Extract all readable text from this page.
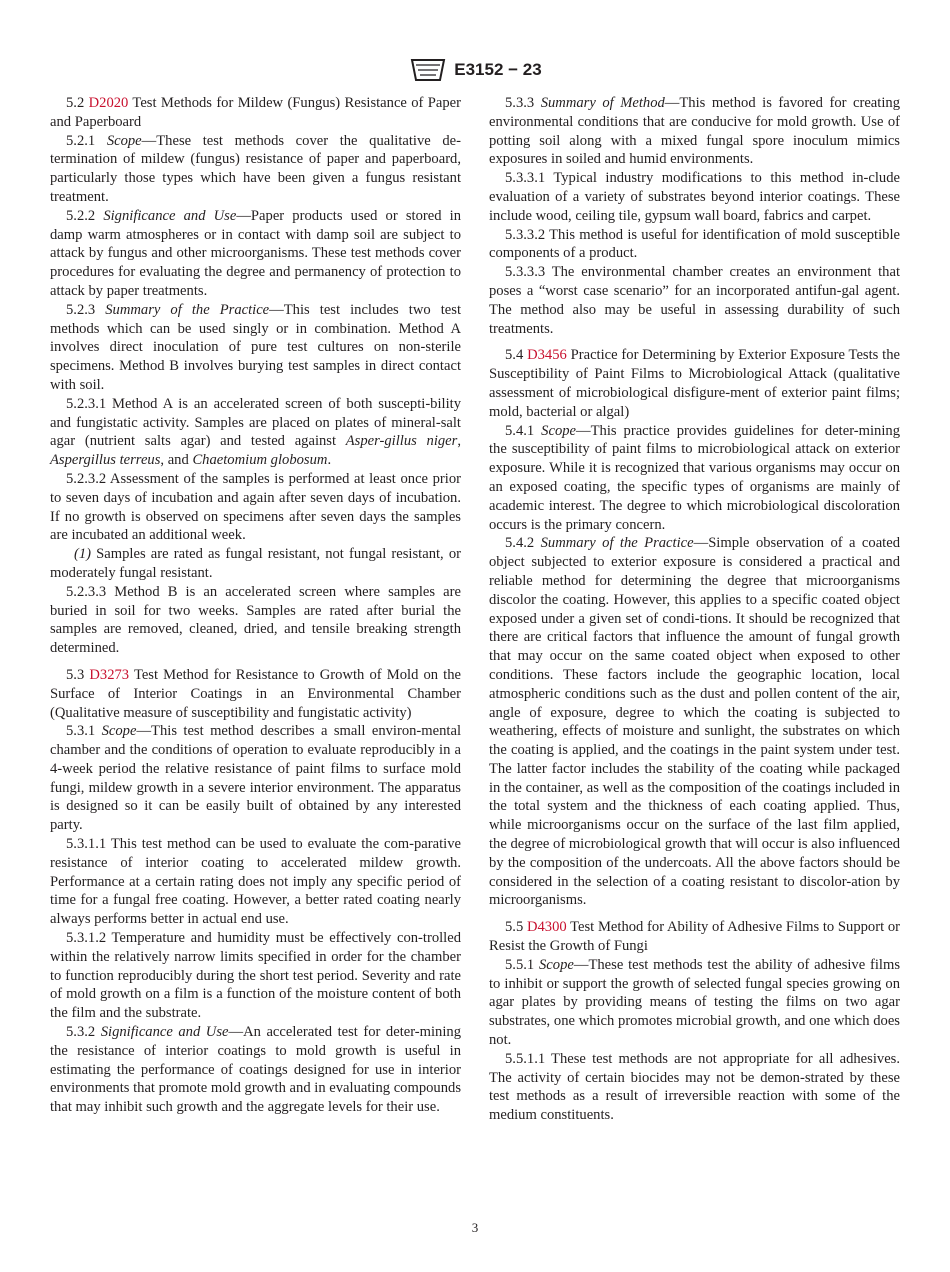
E3152 − 23

5.2 D2020 Test Methods for Mildew (Fungus) Resistance of Paper and Paperboard

5.2.1 Scope—These test methods cover the qualitative de-termination of mildew (fungus) resistance of paper and paperboard, particularly those types which have been given a fungus resistant treatment.

5.2.2 Significance and Use—Paper products used or stored in damp warm atmospheres or in contact with damp soil are subject to attack by fungus and other microorganisms. These test methods cover procedures for evaluating the degree and permanency of protection to attack by paper treatments.

5.2.3 Summary of the Practice—This test includes two test methods which can be used singly or in combination. Method A involves direct inoculation of pure test cultures on non-sterile specimens. Method B involves burying test samples in direct contact with soil.

5.2.3.1 Method A is an accelerated screen of both suscepti-bility and fungistatic activity. Samples are placed on plates of mineral-salt agar (nutrient salts agar) and tested against Asper-gillus niger, Aspergillus terreus, and Chaetomium globosum.

5.2.3.2 Assessment of the samples is performed at least once prior to seven days of incubation and again after seven days of incubation. If no growth is observed on specimens after seven days the samples are incubated an additional week.

(1) Samples are rated as fungal resistant, not fungal resistant, or moderately fungal resistant.

5.2.3.3 Method B is an accelerated screen where samples are buried in soil for two weeks. Samples are rated after burial the samples are removed, cleaned, dried, and tensile breaking strength determined.

5.3 D3273 Test Method for Resistance to Growth of Mold on the Surface of Interior Coatings in an Environmental Chamber (Qualitative measure of susceptibility and fungistatic activity)

5.3.1 Scope—This test method describes a small environ-mental chamber and the conditions of operation to evaluate reproducibly in a 4-week period the relative resistance of paint films to surface mold fungi, mildew growth in a severe interior environment. The apparatus is designed so it can be easily built of obtained by any interested party.

5.3.1.1 This test method can be used to evaluate the com-parative resistance of interior coating to accelerated mildew growth. Performance at a certain rating does not imply any specific period of time for a fungal free coating. However, a better rated coating nearly always performs better in actual end use.

5.3.1.2 Temperature and humidity must be effectively con-trolled within the relatively narrow limits specified in order for the chamber to function reproducibly during the short test period. Severity and rate of mold growth on a film is a function of the moisture content of both the film and the substrate.

5.3.2 Significance and Use—An accelerated test for deter-mining the resistance of interior coatings to mold growth is useful in estimating the performance of coatings designed for use in interior environments that promote mold growth and in evaluating compounds that may inhibit such growth and the aggregate levels for their use.

5.3.3 Summary of Method—This method is favored for creating environmental conditions that are conducive for mold growth. Use of potting soil along with a mixed fungal spore inoculum mimics exposures in soiled and humid environments.

5.3.3.1 Typical industry modifications to this method in-clude evaluation of a variety of substrates beyond interior coatings. These include wood, ceiling tile, gypsum wall board, fabrics and carpet.

5.3.3.2 This method is useful for identification of mold susceptible components of a product.

5.3.3.3 The environmental chamber creates an environment that poses a “worst case scenario” for an incorporated antifun-gal agent. The method also may be useful in assessing durability of such treatments.

5.4 D3456 Practice for Determining by Exterior Exposure Tests the Susceptibility of Paint Films to Microbiological Attack (qualitative assessment of microbiological disfigure-ment of exterior paint films; mold, bacterial or algal)

5.4.1 Scope—This practice provides guidelines for deter-mining the susceptibility of paint films to microbiological attack on exterior exposure. While it is recognized that various organisms may occur on an exposed coating, the specific types of organisms are mainly of academic interest. The degree to which microbiological discoloration occurs is the primary concern.

5.4.2 Summary of the Practice—Simple observation of a coated object subjected to exterior exposure is considered a practical and reliable method for determining the degree that microorganisms discolor the coating. However, this applies to a specific coated object exposed under a given set of condi-tions. It should be recognized that there are critical factors that influence the amount of fungal growth that may occur on the same coated object when exposed to other conditions. These factors include the geographic location, local atmospheric conditions such as the dust and pollen content of the air, angle of exposure, degree to which the coating is subjected to weathering, effects of moisture and sunlight, the substrates on which the coating is applied, and the coatings in the paint system under test. The latter factor includes the stability of the coating while packaged in the container, as well as the composition of the coatings included in the total system and the thickness of each coating applied. Thus, while microorganisms occur on the surface of the last film applied, the degree of microbiological growth that will occur is also influenced by the composition of the undercoats. All the above factors should be considered in the selection of a coating resistant to discolor-ation by microorganisms.

5.5 D4300 Test Method for Ability of Adhesive Films to Support or Resist the Growth of Fungi

5.5.1 Scope—These test methods test the ability of adhesive films to inhibit or support the growth of selected fungal species growing on agar plates by providing means of testing the films on two agar substrates, one which promotes microbial growth, and one which does not.

5.5.1.1 These test methods are not appropriate for all adhesives. The activity of certain biocides may not be demon-strated by these test methods as a result of irreversible reaction with some of the medium constituents.

3
